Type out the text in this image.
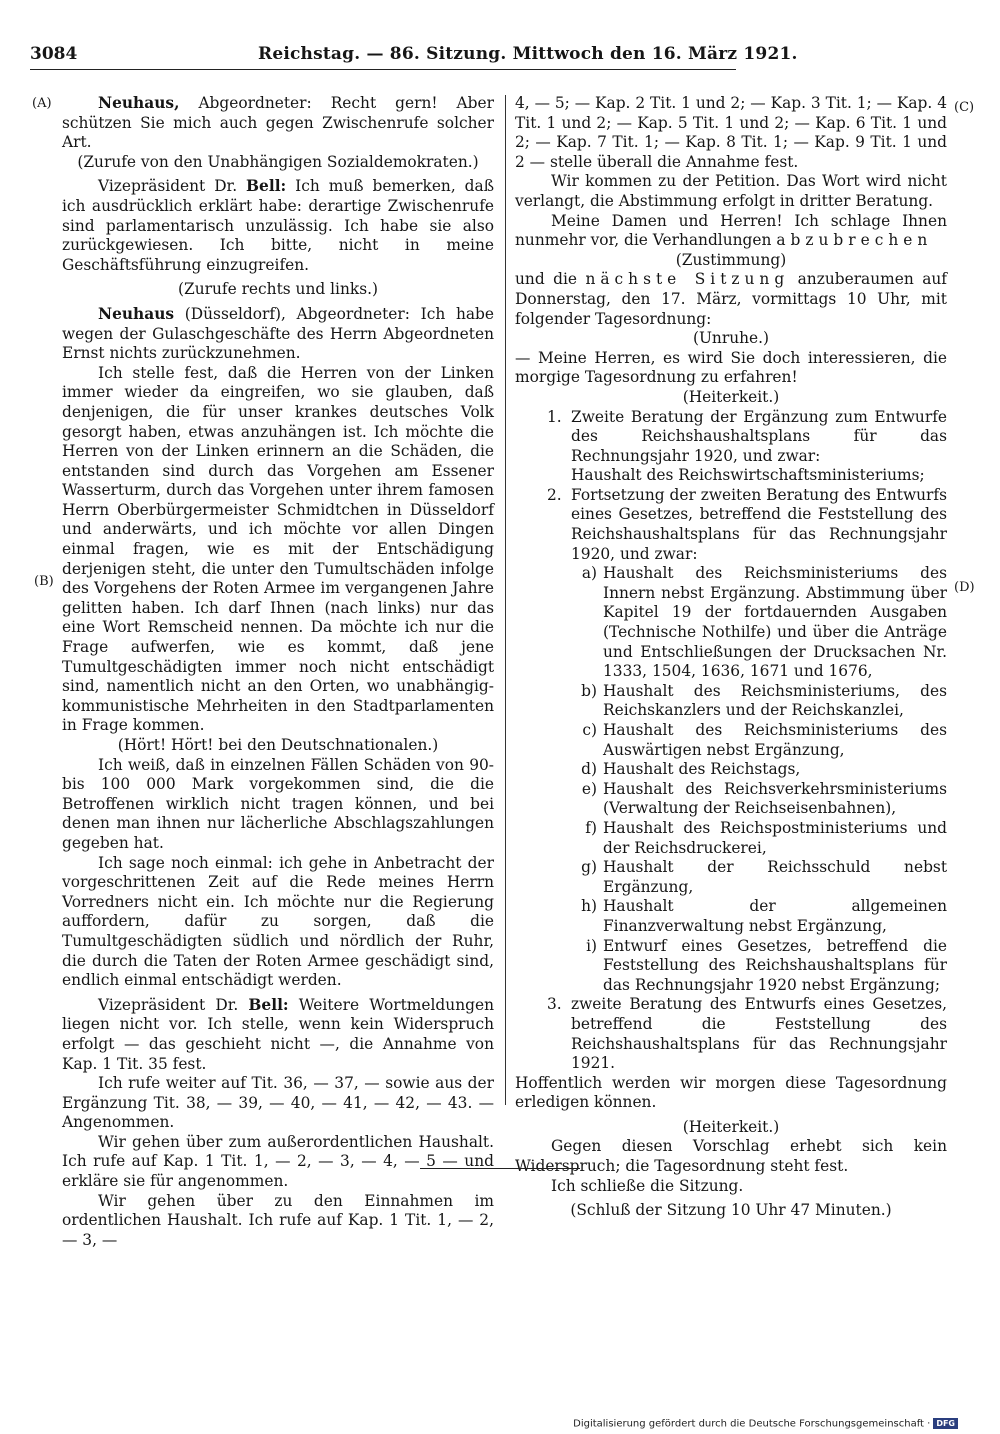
3084	Reichstag. — 86. Sitzung. Mittwoch den 16. März 1921.
(A)
(B)
(C)
(D)

Neuhaus, Abgeordneter: Recht gern! Aber schützen Sie mich auch gegen Zwischenrufe solcher Art.

(Zurufe von den Unabhängigen Sozialdemokraten.)

Vizepräsident Dr. Bell: Ich muß bemerken, daß ich ausdrücklich erklärt habe: derartige Zwischenrufe sind parlamentarisch unzulässig. Ich habe sie also zurückgewiesen. Ich bitte, nicht in meine Geschäftsführung einzugreifen.

(Zurufe rechts und links.)

Neuhaus (Düsseldorf), Abgeordneter: Ich habe wegen der Gulaschgeschäfte des Herrn Abgeordneten Ernst nichts zurückzunehmen.

Ich stelle fest, daß die Herren von der Linken immer wieder da eingreifen, wo sie glauben, daß denjenigen, die für unser krankes deutsches Volk gesorgt haben, etwas anzuhängen ist. Ich möchte die Herren von der Linken erinnern an die Schäden, die entstanden sind durch das Vorgehen am Essener Wasserturm, durch das Vorgehen unter ihrem famosen Herrn Oberbürgermeister Schmidtchen in Düsseldorf und anderwärts, und ich möchte vor allen Dingen einmal fragen, wie es mit der Entschädigung derjenigen steht, die unter den Tumultschäden infolge des Vorgehens der Roten Armee im vergangenen Jahre gelitten haben. Ich darf Ihnen (nach links) nur das eine Wort Remscheid nennen. Da möchte ich nur die Frage aufwerfen, wie es kommt, daß jene Tumultgeschädigten immer noch nicht entschädigt sind, namentlich nicht an den Orten, wo unabhängig-kommunistische Mehrheiten in den Stadtparlamenten in Frage kommen.

(Hört! Hört! bei den Deutschnationalen.)

Ich weiß, daß in einzelnen Fällen Schäden von 90- bis 100 000 Mark vorgekommen sind, die die Betroffenen wirklich nicht tragen können, und bei denen man ihnen nur lächerliche Abschlagszahlungen gegeben hat.

Ich sage noch einmal: ich gehe in Anbetracht der vorgeschrittenen Zeit auf die Rede meines Herrn Vorredners nicht ein. Ich möchte nur die Regierung auffordern, dafür zu sorgen, daß die Tumultgeschädigten südlich und nördlich der Ruhr, die durch die Taten der Roten Armee geschädigt sind, endlich einmal entschädigt werden.

Vizepräsident Dr. Bell: Weitere Wortmeldungen liegen nicht vor. Ich stelle, wenn kein Widerspruch erfolgt — das geschieht nicht —, die Annahme von Kap. 1 Tit. 35 fest.

Ich rufe weiter auf Tit. 36, — 37, — sowie aus der Ergänzung Tit. 38, — 39, — 40, — 41, — 42, — 43. — Angenommen.

Wir gehen über zum außerordentlichen Haushalt. Ich rufe auf Kap. 1 Tit. 1, — 2, — 3, — 4, — 5 — und erkläre sie für angenommen.

Wir gehen über zu den Einnahmen im ordentlichen Haushalt. Ich rufe auf Kap. 1 Tit. 1, — 2, — 3, —

4, — 5; — Kap. 2 Tit. 1 und 2; — Kap. 3 Tit. 1; — Kap. 4 Tit. 1 und 2; — Kap. 5 Tit. 1 und 2; — Kap. 6 Tit. 1 und 2; — Kap. 7 Tit. 1; — Kap. 8 Tit. 1; — Kap. 9 Tit. 1 und 2 — stelle überall die Annahme fest.

Wir kommen zu der Petition. Das Wort wird nicht verlangt, die Abstimmung erfolgt in dritter Beratung.

Meine Damen und Herren! Ich schlage Ihnen nunmehr vor, die Verhandlungen abzubrechen

(Zustimmung)

und die nächste Sitzung anzuberaumen auf Donnerstag, den 17. März, vormittags 10 Uhr, mit folgender Tagesordnung:

(Unruhe.)

— Meine Herren, es wird Sie doch interessieren, die morgige Tagesordnung zu erfahren!

(Heiterkeit.)

1. Zweite Beratung der Ergänzung zum Entwurfe des Reichshaushaltsplans für das Rechnungsjahr 1920, und zwar:
Haushalt des Reichswirtschaftsministeriums;
2. Fortsetzung der zweiten Beratung des Entwurfs eines Gesetzes, betreffend die Feststellung des Reichshaushaltsplans für das Rechnungsjahr 1920, und zwar:
a) Haushalt des Reichsministeriums des Innern nebst Ergänzung. Abstimmung über Kapitel 19 der fortdauernden Ausgaben (Technische Nothilfe) und über die Anträge und Entschließungen der Drucksachen Nr. 1333, 1504, 1636, 1671 und 1676,
b) Haushalt des Reichsministeriums, des Reichskanzlers und der Reichskanzlei,
c) Haushalt des Reichsministeriums des Auswärtigen nebst Ergänzung,
d) Haushalt des Reichstags,
e) Haushalt des Reichsverkehrsministeriums (Verwaltung der Reichseisenbahnen),
f) Haushalt des Reichspostministeriums und der Reichsdruckerei,
g) Haushalt der Reichsschuld nebst Ergänzung,
h) Haushalt der allgemeinen Finanzverwaltung nebst Ergänzung,
i) Entwurf eines Gesetzes, betreffend die Feststellung des Reichshaushaltsplans für das Rechnungsjahr 1920 nebst Ergänzung;
3. zweite Beratung des Entwurfs eines Gesetzes, betreffend die Feststellung des Reichshaushaltsplans für das Rechnungsjahr 1921.

Hoffentlich werden wir morgen diese Tagesordnung erledigen können.

(Heiterkeit.)

Gegen diesen Vorschlag erhebt sich kein Widerspruch; die Tagesordnung steht fest.

Ich schließe die Sitzung.

(Schluß der Sitzung 10 Uhr 47 Minuten.)

Digitalisierung gefördert durch die Deutsche Forschungsgemeinschaft · DFG
